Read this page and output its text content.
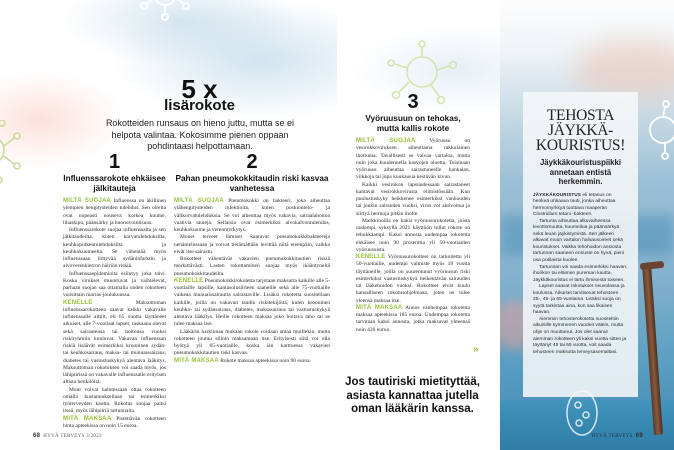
5 x
lisärokote
Rokotteiden runsaus on hieno juttu, mutta se ei helpota valintaa. Kokosimme pienen oppaan pohdintaasi helpottamaan.
1
Influenssarokote ehkäisee jälkitauteja

MILTÄ SUOJAA Influenssa on äkillinen ylempien hengitysteiden tulehdus. Sen oireita ovat nopeasti nouseva korkea kuume, lihaskipu, päänsärky ja huonovointisuus.

Influenssarokote suojaa influenssalta ja sen jälkitaudeilta, kuten korvatulehduksilta, keuhkoputkentulehduksilta ja keuhkokuumeelta. Se vähentää myös influenssaan liittyvää sydäninfarktin ja aivoverenkierron häiriön riskiä.

Influenssaepidemioita esiintyy joka talvi. Koska virukset muuntuvat ja vaihtelevat, parhaan suojan saa ottamalla uuden rokotteen vuosittain marras-joulukuussa.

KENELLE Maksuttoman influenssarokotteen saavat kaikki vakavalle influenssalle alttiit, eli 65 vuotta täyttäneet aikuiset, alle 7-vuotiaat lapset, raskaana olevat sekä sairautensa tai hoitonsa vuoksi riskiryhmiin kuuluvat. Vakavan influenssan riskiä lisäävät esimerkiksi krooninen sydän- tai keuhkosairaus, maksa- tai munuaissairaus, diabetes tai vastustuskykyä alentava lääkitys. Maksuttoman rokotuksen voi saada myös, jos lähipiirissä on vakavalle influenssalle erityisen altista henkilöitä.

Muut voivat halutessaan ottaa rokotteen omalla kustannuksellaan tai esimerkiksi työterveyden kautta. Rokotus suojaa paitsi itseä, myös lähipiiriä tartunnalta.

MITÄ MAKSAA Pistettävän rokotteen hinta apteekissa on noin 15 euroa.

2
Pahan pneumokokkitaudin riski kasvaa vanhetessa

MILTÄ SUOJAA Pneumokokki on bakteeri, joka aiheuttaa ylähengitysteiden infektioita, kuten poskiontelo- ja välikorvatulehduksia. Se voi aiheuttaa myös vakavia, sairaalahoitoa vaativia tauteja. Sellaisia ovat esimerkiksi aivokalvontulehdus, keuhkokuume ja verenmyrkytys.

Monet terveet ihmiset kantavat pneumokokkibakteereja nenänielussaan ja voivat tietämättään levittää niitä eteenpäin, vaikka eivät itse sairastu.

Rokotteet vähentävät vakavien pneumokokkitautien riskiä merkittävästi. Lasten rokottaminen suojaa myös ikääntyneitä pneumokokkitaudeilta.

KENELLE Pneumokokkirokotetta tarjotaan maksutta kaikille alle 5-vuotiaille lapsille, kantasolusiirteen saaneille sekä alle 75-vuotiaille vaikeaa munuaissairautta sairastaville. Lisäksi rokotetta suositellaan kaikille, joilla on vakavan taudin riskitekijöitä, kuten krooninen keuhko- tai sydänsairaus, diabetes, maksasairaus tai vastustuskykyä alentava lääkitys. Heille rokotteen maksaa joko hoitava taho tai se tulee maksaa itse.

Lääkärin harkinnan mukaan rokote voidaan antaa muillekin, mutta rokotteen joutuu silloin maksamaan itse. Erityisesti siitä voi olla hyötyä yli 65-vuotiaille, koska iän karttuessa vakavien pneumokokkitautien riski kasvaa.

MITÄ MAKSAA Rokote maksaa apteekissa noin 90 euroa.

68 HYVÄ TERVEYS 3/2023
3
Vyöruusuun on tehokas, mutta kallis rokote

MILTÄ SUOJAA Vyöruusu on vesirokkoviruksen aiheuttama rakkulainen ihottuma. Tavallisesti se vaivaa vartaloa, mutta noin joka kuudennella kasvojen aluetta. Toisinaan vyöruusu aiheuttaa sairastuneelle hankalan, viikkoja tai jopa kuukausia kestävän kivun.

Kaikki vesirokon lapsuudessaan sairastaneet kantavat vesirokkovirusta elimistössään. Kun puolustuskyky heikkenee esimerkiksi vanhuuden tai jonkin sairauden vuoksi, virus voi aktivoitua ja siirtyä hermoja pitkin iholle.

Markkinoilla on kaksi vyöruusurokotetta, joista uudempi, syksyllä 2021 käyttöön tullut rokote on tehokkaampi. Kaksi annosta uudempaa rokotetta ehkäisee noin 90 prosenttia yli 50-vuotiaiden vyöruusuista.

KENELLE Vyöruusurokotteet on tarkoitettu yli 50-vuotiaille, uudempi valmiste myös 18 vuotta täyttäneille, joilla on suurentunut vyöruusun riski esimerkiksi vastustuskykyä heikentävän sairauden tai lääkehoidon vuoksi. Rokotteet eivät kuulu kansalliseen rokotusohjelmaan, joten ne tulee yleensä maksaa itse.

MITÄ MAKSAA Annos vanhempaa rokotetta maksaa apteekissa 185 euroa. Uudempaa rokotetta tarvitaan kaksi annosta, jotka maksavat yhteensä noin 420 euroa.

»
Jos tautiriski mietityttää, asiasta kannattaa jutella oman lääkärin kanssa.
TEHOSTA
JÄYKKÄ-
KOURISTUS!
Jäykkäkouristuspiikki annetaan entistä herkemmin.

JÄYKKÄKOURISTUS eli tetanus on henkeä uhkaava tauti, jonka aiheuttaa hermomyrkkyä tuottava maaperän Clostridium tetani -bakteeri.

Tartunta aiheuttaa alkuvaiheessa levottomuutta, kuumeilua ja päänsärkyä sekä leuan jäykistymistä. Sen jälkeen alkavat muun vartalon halvausoireet sekä kouristukset. Vaikka tehohoidon ansiosta tartunnan saaneen ennuste on hyvä, pieni osa potilaista kuolee.

Tartunnan voi saada esimerkiksi haavan, ihorikon tai eläimen pureman kautta. Jäykkäkouristus ei tartu ihmisestä toiseen.

Lapset saavat rokotukset neuvolassa ja koulussa. Aikuiset tarvitsevat tehosteen 25-, 45- ja 65-vuotiaina. Lisäksi suoja on syytä tarkistaa aina, kun saa likaisen haavan.

Aiemmin tehosterokotetta suositeltiin aikuisille kymmenen vuoden välein, mutta ohje on muuttunut. Jos olet saanut aiemman rokotteen yli kaksi vuotta sitten ja täyttänyt 45 tai 65 vuotta, voit saada tehosteen maksutta terveysasemaltasi.

HYVÄ TERVEYS 69
